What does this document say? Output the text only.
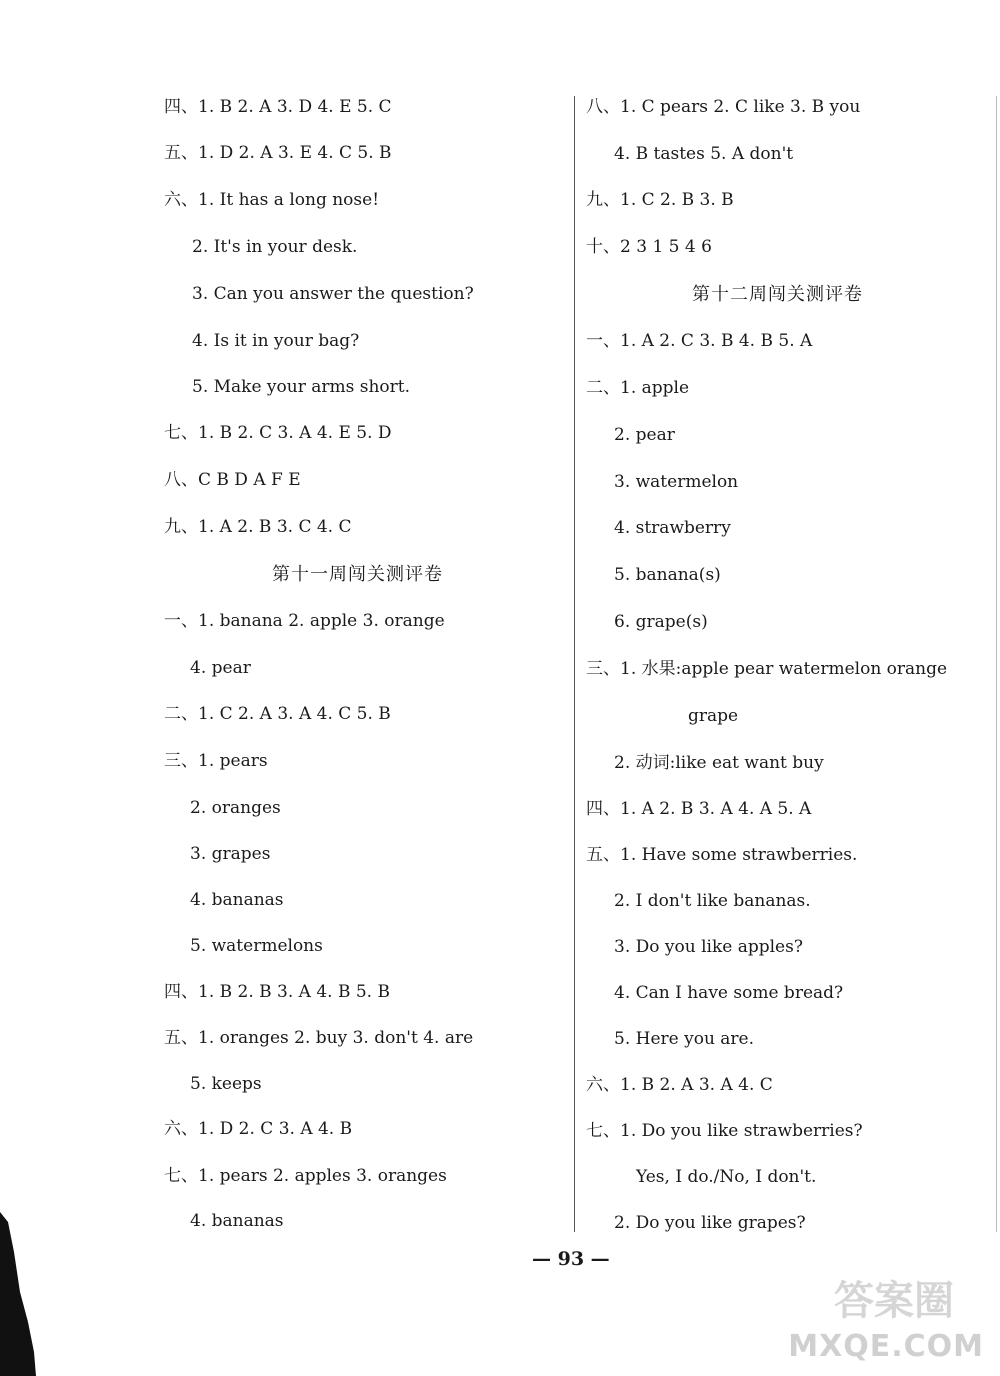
四、1. B 2. A 3. D 4. E 5. C
五、1. D 2. A 3. E 4. C 5. B
六、1. It has a long nose!
2. It's in your desk.
3. Can you answer the question?
4. Is it in your bag?
5. Make your arms short.
七、1. B 2. C 3. A 4. E 5. D
八、C B D A F E
九、1. A 2. B 3. C 4. C
第十一周闯关测评卷
一、1. banana 2. apple 3. orange
4. pear
二、1. C 2. A 3. A 4. C 5. B
三、1. pears
2. oranges
3. grapes
4. bananas
5. watermelons
四、1. B 2. B 3. A 4. B 5. B
五、1. oranges 2. buy 3. don't 4. are
5. keeps
六、1. D 2. C 3. A 4. B
七、1. pears 2. apples 3. oranges
4. bananas
八、1. C pears 2. C like 3. B you
4. B tastes 5. A don't
九、1. C 2. B 3. B
十、2 3 1 5 4 6
第十二周闯关测评卷
一、1. A 2. C 3. B 4. B 5. A
二、1. apple
2. pear
3. watermelon
4. strawberry
5. banana(s)
6. grape(s)
三、1. 水果:apple pear watermelon orange
grape
2. 动词:like eat want buy
四、1. A 2. B 3. A 4. A 5. A
五、1. Have some strawberries.
2. I don't like bananas.
3. Do you like apples?
4. Can I have some bread?
5. Here you are.
六、1. B 2. A 3. A 4. C
七、1. Do you like strawberries?
Yes, I do./No, I don't.
2. Do you like grapes?
— 93 —
答案圈
MXQE.COM
